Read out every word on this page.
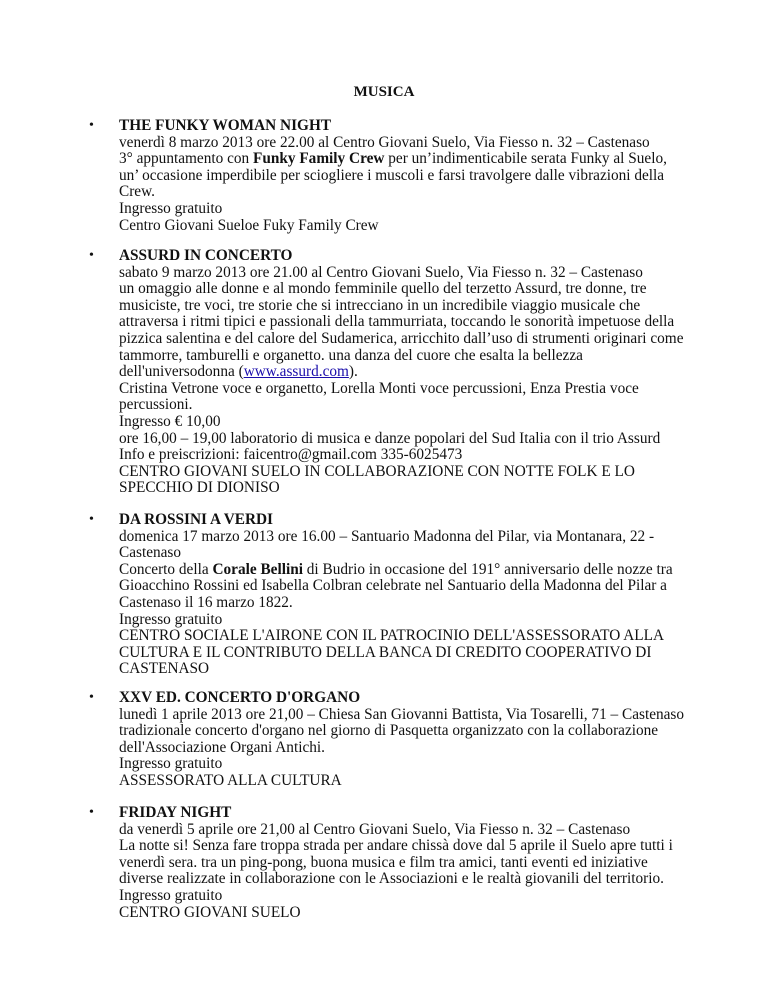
MUSICA
• THE FUNKY WOMAN NIGHT
venerdì 8 marzo 2013 ore 22.00 al Centro Giovani Suelo, Via Fiesso n. 32 – Castenaso
3° appuntamento con Funky Family Crew per un’indimenticabile serata Funky al Suelo,
un’ occasione imperdibile per sciogliere i muscoli e farsi travolgere dalle vibrazioni della
Crew.
Ingresso gratuito
Centro Giovani Sueloe Fuky Family Crew
• ASSURD IN CONCERTO
sabato 9 marzo 2013 ore 21.00 al Centro Giovani Suelo, Via Fiesso n. 32 – Castenaso
un omaggio alle donne e al mondo femminile quello del terzetto Assurd, tre donne, tre
musiciste, tre voci, tre storie che si intrecciano in un incredibile viaggio musicale che
attraversa i ritmi tipici e passionali della tammurriata, toccando le sonorità impetuose della
pizzica salentina e del calore del Sudamerica, arricchito dall’uso di strumenti originari come
tammorre, tamburelli e organetto. una danza del cuore che esalta la bellezza
dell'universodonna (www.assurd.com).
Cristina Vetrone voce e organetto, Lorella Monti voce percussioni, Enza Prestia voce
percussioni.
Ingresso € 10,00
ore 16,00 – 19,00 laboratorio di musica e danze popolari del Sud Italia con il trio Assurd
Info e preiscrizioni: faicentro@gmail.com 335-6025473
CENTRO GIOVANI SUELO IN COLLABORAZIONE CON NOTTE FOLK E LO
SPECCHIO DI DIONISO
• DA ROSSINI A VERDI
domenica 17 marzo 2013 ore 16.00 – Santuario Madonna del Pilar, via Montanara, 22 -
Castenaso
Concerto della Corale Bellini di Budrio in occasione del 191° anniversario delle nozze tra
Gioacchino Rossini ed Isabella Colbran celebrate nel Santuario della Madonna del Pilar a
Castenaso il 16 marzo 1822.
Ingresso gratuito
CENTRO SOCIALE L'AIRONE CON IL PATROCINIO DELL'ASSESSORATO ALLA
CULTURA E IL CONTRIBUTO DELLA BANCA DI CREDITO COOPERATIVO DI
CASTENASO
• XXV ED. CONCERTO D'ORGANO
lunedì 1 aprile 2013 ore 21,00 – Chiesa San Giovanni Battista, Via Tosarelli, 71 – Castenaso
tradizionale concerto d'organo nel giorno di Pasquetta organizzato con la collaborazione
dell'Associazione Organi Antichi.
Ingresso gratuito
ASSESSORATO ALLA CULTURA
• FRIDAY NIGHT
da venerdì 5 aprile ore 21,00 al Centro Giovani Suelo, Via Fiesso n. 32 – Castenaso
La notte si! Senza fare troppa strada per andare chissà dove dal 5 aprile il Suelo apre tutti i
venerdì sera. tra un ping-pong, buona musica e film tra amici, tanti eventi ed iniziative
diverse realizzate in collaborazione con le Associazioni e le realtà giovanili del territorio.
Ingresso gratuito
CENTRO GIOVANI SUELO
